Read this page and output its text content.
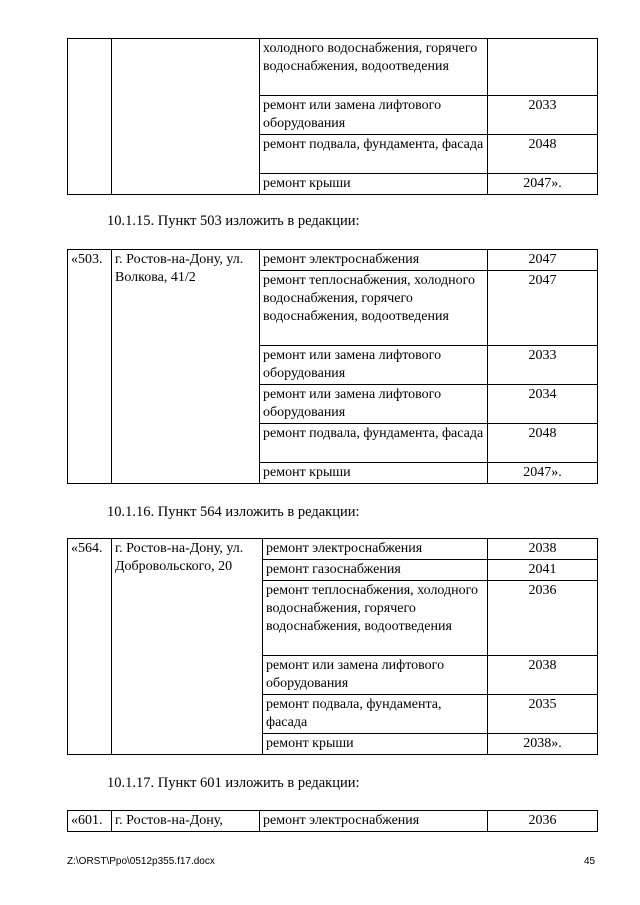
		холодного водоснабжения, горячего водоснабжения, водоотведения	
		ремонт или замена лифтового оборудования	2033
		ремонт подвала, фундамента, фасада	2048
		ремонт крыши	2047».
10.1.15. Пункт 503 изложить в редакции:
«503.	г. Ростов-на-Дону, ул. Волкова, 41/2	ремонт электроснабжения	2047
		ремонт теплоснабжения, холодного водоснабжения, горячего водоснабжения, водоотведения	2047
		ремонт или замена лифтового оборудования	2033
		ремонт или замена лифтового оборудования	2034
		ремонт подвала, фундамента, фасада	2048
		ремонт крыши	2047».
10.1.16. Пункт 564 изложить в редакции:
«564.	г. Ростов-на-Дону, ул. Добровольского, 20	ремонт электроснабжения	2038
		ремонт газоснабжения	2041
		ремонт теплоснабжения, холодного водоснабжения, горячего водоснабжения, водоотведения	2036
		ремонт или замена лифтового оборудования	2038
		ремонт подвала, фундамента, фасада	2035
		ремонт крыши	2038».
10.1.17. Пункт 601 изложить в редакции:
«601.	г. Ростов-на-Дону,	ремонт электроснабжения	2036
Z:\ORST\Ppo\0512p355.f17.docx	45
